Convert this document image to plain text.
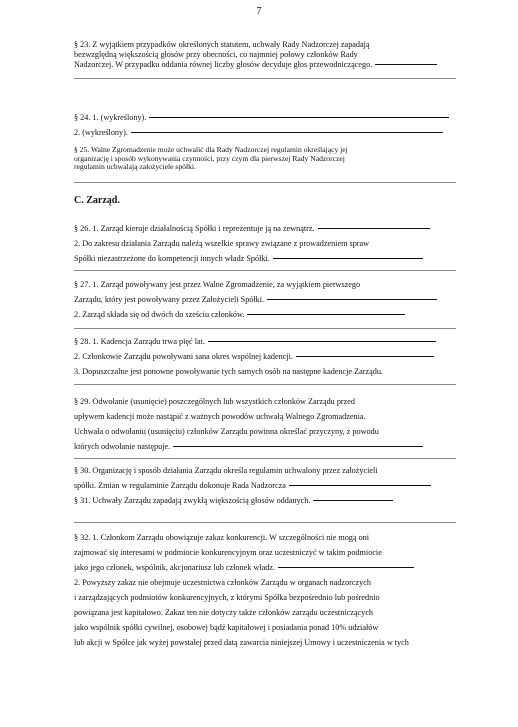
7
§ 23. Z wyjątkiem przypadków określonych statutem, uchwały Rady Nadzorczej zapadają
bezwzględną większością głosów przy obecności, co najmniej połowy członków Rady
Nadzorczej. W przypadku oddania równej liczby głosów decyduje głos przewodniczącego.
§ 24. 1. (wykreślony).
2. (wykreślony).
§ 25. Walne Zgromadzenie może uchwalić dla Rady Nadzorczej regulamin określający jej
organizację i sposób wykonywania czynności, przy czym dla pierwszej Rady Nadzorczej
regulamin uchwalają założyciele spółki.
C. Zarząd.
§ 26. 1. Zarząd kieruje działalnością Spółki i reprezentuje ją na zewnątrz.
2. Do zakresu działania Zarządu należą wszelkie sprawy związane z prowadzeniem spraw
Spółki niezastrzeżone do kompetencji innych władz Spółki.
§ 27. 1. Zarząd powoływany jest przez Walne Zgromadzenie, za wyjątkiem pierwszego
Zarządu, który jest powoływany przez Założycieli Spółki.
2. Zarząd składa się od dwóch do sześciu członków.
§ 28. 1. Kadencja Zarządu trwa pięć lat.
2. Członkowie Zarządu powoływani sana okres wspólnej kadencji.
3. Dopuszczalne jest ponowne powoływanie tych samych osób na następne kadencje Zarządu.
§ 29. Odwołanie (usunięcie) poszczególnych lub wszystkich członków Zarządu przed
upływem kadencji może nastąpić z ważnych powodów uchwałą Walnego Zgromadzenia.
Uchwała o odwołaniu (usunięciu) członków Zarządu powinna określać przyczyny, z powodu
których odwołanie następuje.
§ 30. Organizację i sposób działania Zarządu określa regulamin uchwalony przez założycieli
spółki. Zmian w regulaminie Zarządu dokonuje Rada Nadzorcza
§ 31. Uchwały Zarządu zapadają zwykłą większością głosów oddanych.
§ 32. 1. Członkom Zarządu obowiązuje zakaz konkurencji. W szczególności nie mogą oni
zajmować się interesami w podmiocie konkurencyjnym oraz uczestniczyć w takim podmiocie
jako jego członek, wspólnik, akcjonariusz lub członek władz.
2. Powyższy zakaz nie obejmuje uczestnictwa członków Zarządu w organach nadzorczych
i zarządzających podmiotów konkurencyjnych, z którymi Spółka bezpośrednio lub pośrednio
powiązana jest kapitałowo. Zakaz ten nie dotyczy także członków zarządu uczestniczących
jako wspólnik spółki cywilnej, osobowej bądź kapitałowej i posiadania ponad 10% udziałów
lub akcji w Spółce jak wyżej powstałej przed datą zawarcia niniejszej Umowy i uczestniczenia w tych
